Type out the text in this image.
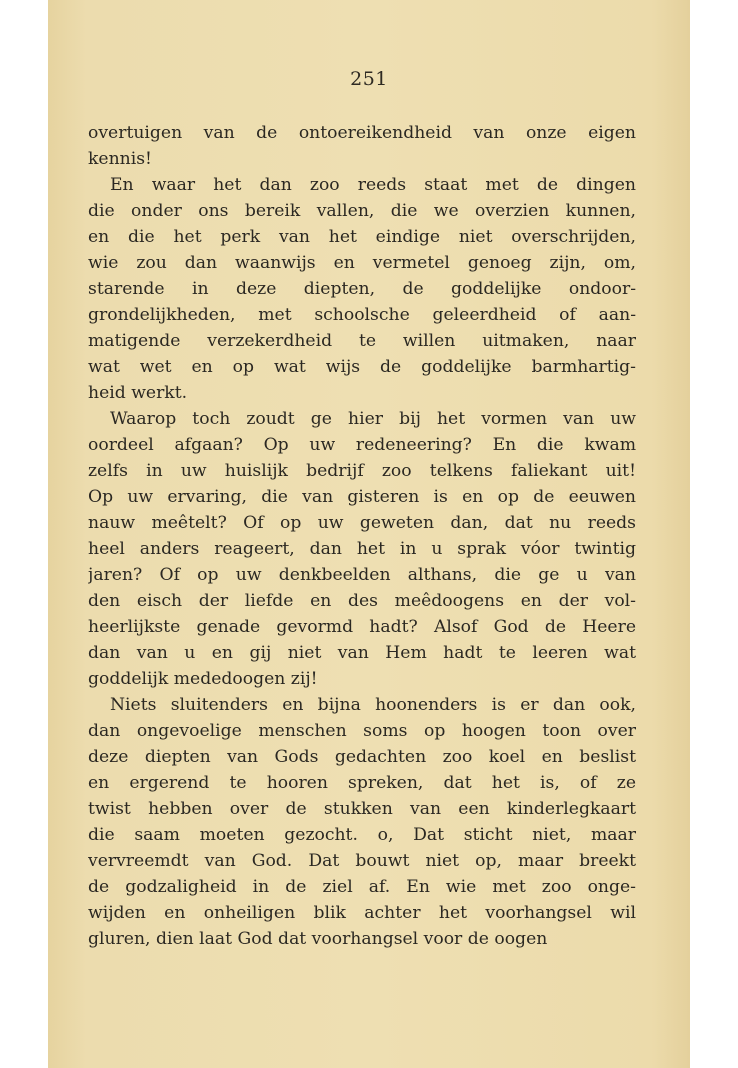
251
overtuigen van de ontoereikendheid van onze eigen
kennis!
En waar het dan zoo reeds staat met de dingen
die onder ons bereik vallen, die we overzien kunnen,
en die het perk van het eindige niet overschrijden,
wie zou dan waanwijs en vermetel genoeg zijn, om,
starende in deze diepten, de goddelijke ondoor-
grondelijkheden, met schoolsche geleerdheid of aan-
matigende verzekerdheid te willen uitmaken, naar
wat wet en op wat wijs de goddelijke barmhartig-
heid werkt.
Waarop toch zoudt ge hier bij het vormen van uw
oordeel afgaan? Op uw redeneering? En die kwam
zelfs in uw huislijk bedrijf zoo telkens faliekant uit!
Op uw ervaring, die van gisteren is en op de eeuwen
nauw meêtelt? Of op uw geweten dan, dat nu reeds
heel anders reageert, dan het in u sprak vóor twintig
jaren? Of op uw denkbeelden althans, die ge u van
den eisch der liefde en des meêdoogens en der vol-
heerlijkste genade gevormd hadt? Alsof God de Heere
dan van u en gij niet van Hem hadt te leeren wat
goddelijk mededoogen zij!
Niets sluitenders en bijna hoonenders is er dan ook,
dan ongevoelige menschen soms op hoogen toon over
deze diepten van Gods gedachten zoo koel en beslist
en ergerend te hooren spreken, dat het is, of ze
twist hebben over de stukken van een kinderlegkaart
die saam moeten gezocht. o, Dat sticht niet, maar
vervreemdt van God. Dat bouwt niet op, maar breekt
de godzaligheid in de ziel af. En wie met zoo onge-
wijden en onheiligen blik achter het voorhangsel wil
gluren, dien laat God dat voorhangsel voor de oogen
